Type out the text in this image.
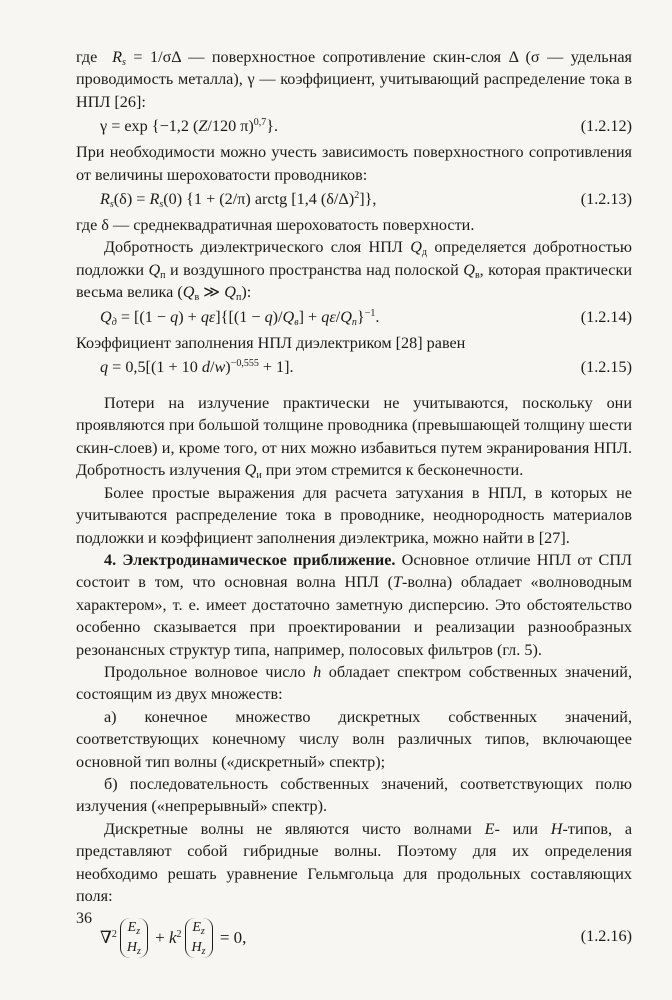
где  $R_s = 1/\sigma\Delta$ — поверхностное сопротивление скин-слоя Δ (σ — удельная проводимость металла), γ — коэффициент, учитывающий распределение тока в НПЛ [26]:

γ = exp {−1,2 (Z/120 π)$^{0,7}$}.	(1.2.12)

При необходимости можно учесть зависимость поверхностного сопротивления от величины шероховатости проводников:

$R_s(\delta) = R_s(0) \{1 + (2/\pi)$ arctg [1,4 $(\delta/\Delta)^2$]},	(1.2.13)

где δ — среднеквадратичная шероховатость поверхности.

Добротность диэлектрического слоя НПЛ $Q_д$ определяется добротностью подложки $Q_п$ и воздушного пространства над полоской $Q_в$, которая практически весьма велика ($Q_в$ ≫ $Q_п$):

$Q_д = [(1 - q) + q\varepsilon]\{[(1 - q)/Q_в] + q\varepsilon/Q_п\}^{-1}$.	(1.2.14)

Коэффициент заполнения НПЛ диэлектриком [28] равен

q = 0,5[(1 + 10 d/w)$^{-0,555}$ + 1].	(1.2.15)

Потери на излучение практически не учитываются, поскольку они проявляются при большой толщине проводника (превышающей толщину шести скин-слоев) и, кроме того, от них можно избавиться путем экранирования НПЛ. Добротность излучения $Q_и$ при этом стремится к бесконечности.

Более простые выражения для расчета затухания в НПЛ, в которых не учитываются распределение тока в проводнике, неоднородность материалов подложки и коэффициент заполнения диэлектрика, можно найти в [27].

4. Электродинамическое приближение. Основное отличие НПЛ от СПЛ состоит в том, что основная волна НПЛ (T-волна) обладает «волноводным характером», т. е. имеет достаточно заметную дисперсию. Это обстоятельство особенно сказывается при проектировании и реализации разнообразных резонансных структур типа, например, полосовых фильтров (гл. 5).

Продольное волновое число h обладает спектром собственных значений, состоящим из двух множеств:

а) конечное множество дискретных собственных значений, соответствующих конечному числу волн различных типов, включающее основной тип волны («дискретный» спектр);

б) последовательность собственных значений, соответствующих полю излучения («непрерывный» спектр).

Дискретные волны не являются чисто волнами E- или H-типов, а представляют собой гибридные волны. Поэтому для их определения необходимо решать уравнение Гельмгольца для продольных составляющих поля:

∇$^2$ $E_z$
$H_z$
+ $k^2$ $E_z$
$H_z$
= 0,	(1.2.16)
36
